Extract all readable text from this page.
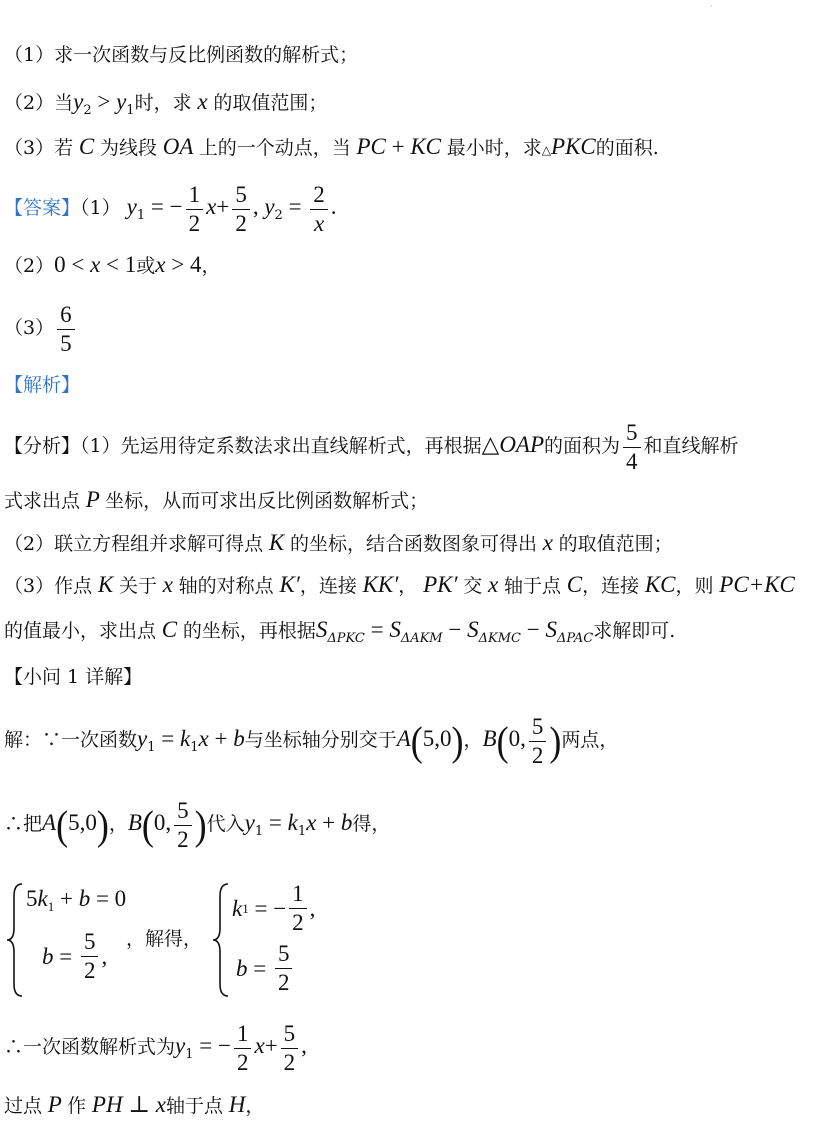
·
（1）求一次函数与反比例函数的解析式；
（2）当$y_2 > y_1$时，求 x 的取值范围；
（3）若 C 为线段 OA 上的一个动点，当 PC + KC 最小时，求△PKC的面积.
【答案】（1） $y_1$ = − $\frac{1}{2} x+ \frac{5}{2}$ , $y_2 = \frac{2}{x}$ .
（2）0 < x < 1或x > 4，
$(3) \frac{6}{5}$
【解析】
【分析】（1）先运用待定系数法求出直线解析式，再根据△OAP的面积为 $\frac{5}{4}$ 和直线解析
式求出点 P 坐标，从而可求出反比例函数解析式；
（2）联立方程组并求解可得点 K 的坐标，结合函数图象可得出 x 的取值范围；
（3）作点 K 关于 x 轴的对称点 K′，连接 KK′， PK′ 交 x 轴于点 C，连接 KC，则 PC+KC
的值最小，求出点 C 的坐标，再根据$S_{\Delta PKC} = S_{\Delta AKM} - S_{\Delta KMC} - S_{\Delta PAC}$求解即可.
【小问 1 详解】
解：∵一次函数$y_1 = k_1x + b$与坐标轴分别交于A(5,0)，B(0, $\frac{5}{2}$ )两点，
∴把A(5,0)，B(0, $\frac{5}{2}$ )代入$y_1 = k_1x + b$得，
$5k_1 + b = 0$
$b = \frac{5}{2}$ ,
，解得，
k 1 = − $\frac{1}{2}$ ,
$b = \frac{5}{2}$
∴一次函数解析式为$y_1$ = − $\frac{1}{2} x+ \frac{5}{2}$ ,
过点 P 作 PH ⊥ x轴于点 H，
